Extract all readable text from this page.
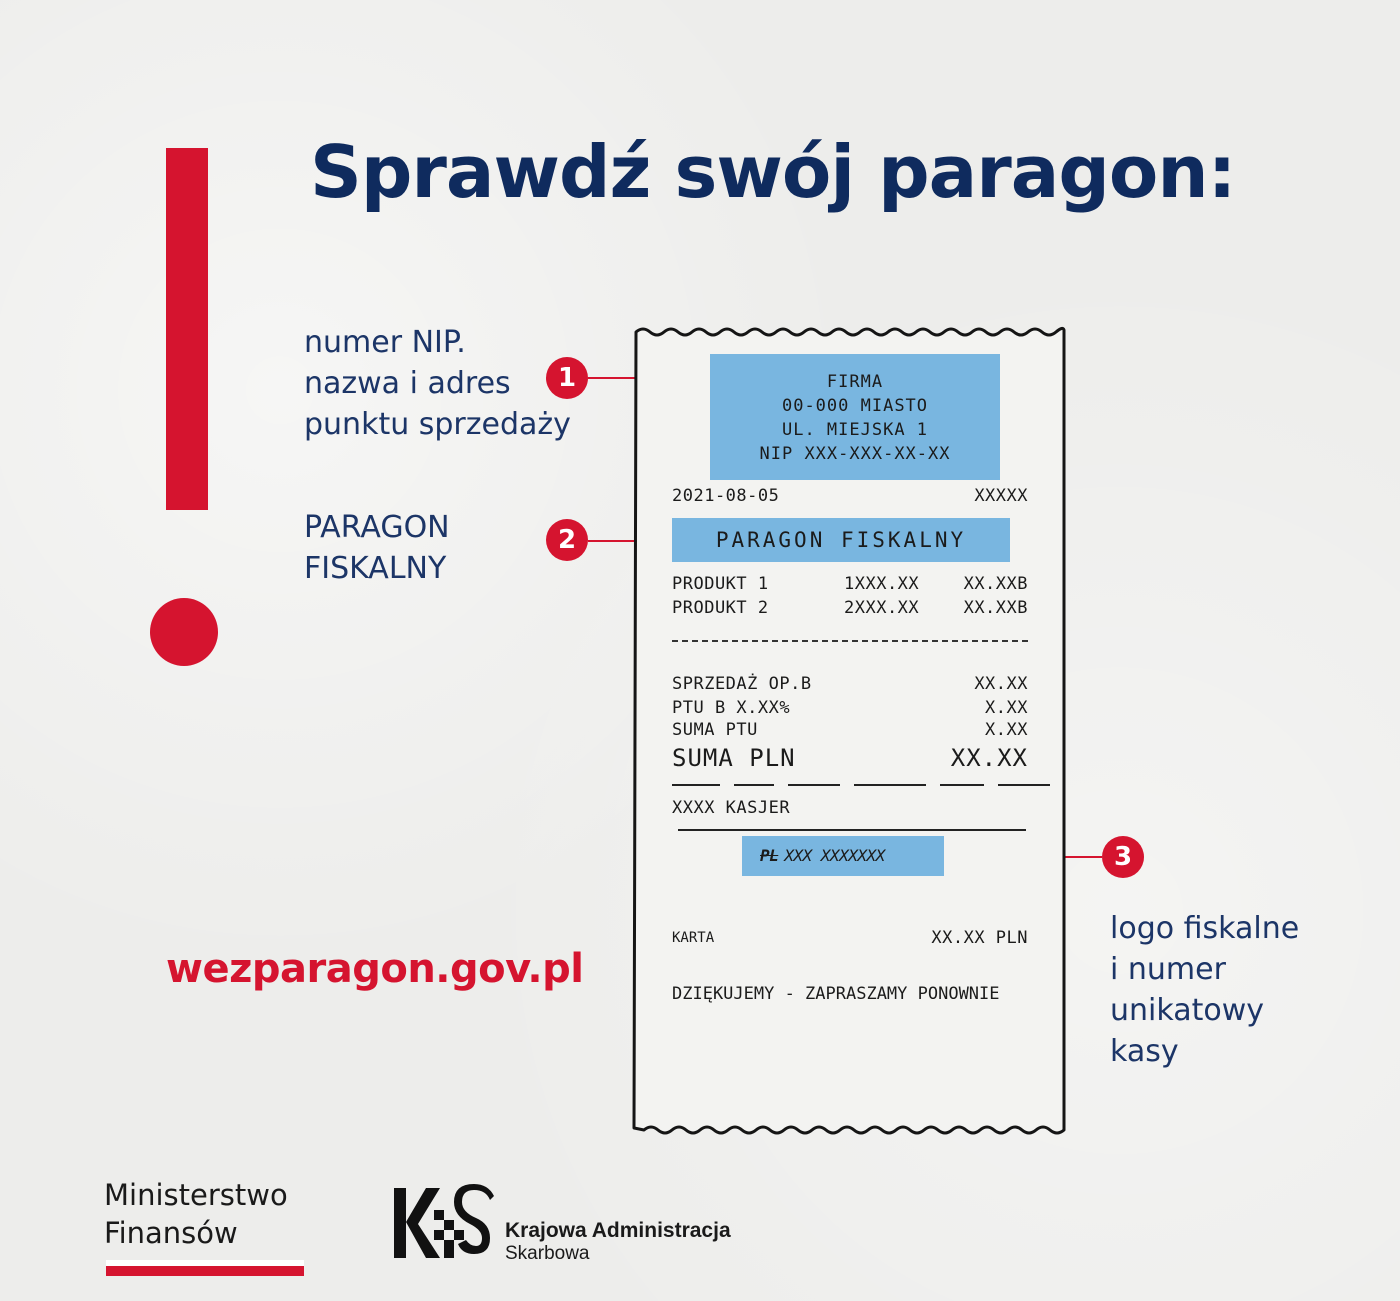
Sprawdź swój paragon:
numer NIP.
nazwa i adres
punktu sprzedaży
PARAGON
FISKALNY
logo fiskalne
i numer
unikatowy
kasy
1
2
3
wezparagon.gov.pl
FIRMA
00-000 MIASTO
UL. MIEJSKA 1
NIP XXX-XXX-XX-XX
2021-08-05	XXXXX
PARAGON FISKALNY
PRODUKT 1	1XXX.XX	XX.XXB
PRODUKT 2	2XXX.XX	XX.XXB
SPRZEDAŻ OP.B	XX.XX
PTU B X.XX%	X.XX
SUMA PTU	X.XX
SUMA PLN	XX.XX
XXXX KASJER
PL XXX XXXXXXX
KARTA	XX.XX PLN
DZIĘKUJEMY - ZAPRASZAMY PONOWNIE
Ministerstwo
Finansów	Krajowa Administracja
Skarbowa
